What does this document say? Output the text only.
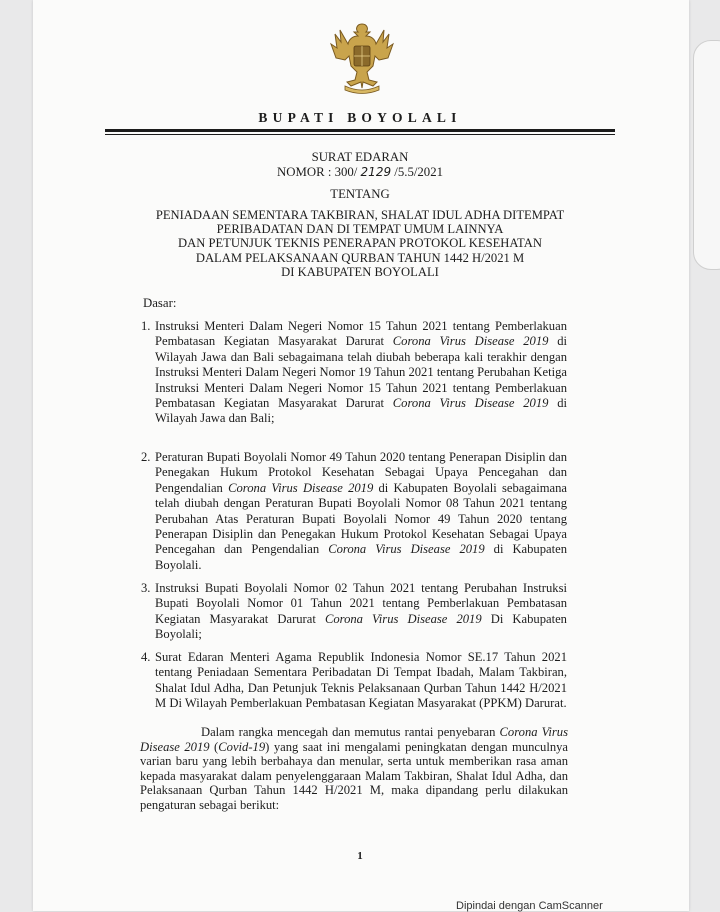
BUPATI BOYOLALI
SURAT EDARAN
NOMOR : 300/ 2129 /5.5/2021
TENTANG
PENIADAAN SEMENTARA TAKBIRAN, SHALAT IDUL ADHA DITEMPAT
PERIBADATAN DAN DI TEMPAT UMUM LAINNYA
DAN PETUNJUK TEKNIS PENERAPAN PROTOKOL KESEHATAN
DALAM PELAKSANAAN QURBAN TAHUN 1442 H/2021 M
DI KABUPATEN BOYOLALI
Dasar:
1. Instruksi Menteri Dalam Negeri Nomor 15 Tahun 2021 tentang Pemberlakuan Pembatasan Kegiatan Masyarakat Darurat Corona Virus Disease 2019 di Wilayah Jawa dan Bali sebagaimana telah diubah beberapa kali terakhir dengan Instruksi Menteri Dalam Negeri Nomor 19 Tahun 2021 tentang Perubahan Ketiga Instruksi Menteri Dalam Negeri Nomor 15 Tahun 2021 tentang Pemberlakuan Pembatasan Kegiatan Masyarakat Darurat Corona Virus Disease 2019 di Wilayah Jawa dan Bali;
2. Peraturan Bupati Boyolali Nomor 49 Tahun 2020 tentang Penerapan Disiplin dan Penegakan Hukum Protokol Kesehatan Sebagai Upaya Pencegahan dan Pengendalian Corona Virus Disease 2019 di Kabupaten Boyolali sebagaimana telah diubah dengan Peraturan Bupati Boyolali Nomor 08 Tahun 2021 tentang Perubahan Atas Peraturan Bupati Boyolali Nomor 49 Tahun 2020 tentang Penerapan Disiplin dan Penegakan Hukum Protokol Kesehatan Sebagai Upaya Pencegahan dan Pengendalian Corona Virus Disease 2019 di Kabupaten Boyolali.
3. Instruksi Bupati Boyolali Nomor 02 Tahun 2021 tentang Perubahan Instruksi Bupati Boyolali Nomor 01 Tahun 2021 tentang Pemberlakuan Pembatasan Kegiatan Masyarakat Darurat Corona Virus Disease 2019 Di Kabupaten Boyolali;
4. Surat Edaran Menteri Agama Republik Indonesia Nomor SE.17 Tahun 2021 tentang Peniadaan Sementara Peribadatan Di Tempat Ibadah, Malam Takbiran, Shalat Idul Adha, Dan Petunjuk Teknis Pelaksanaan Qurban Tahun 1442 H/2021 M Di Wilayah Pemberlakuan Pembatasan Kegiatan Masyarakat (PPKM) Darurat.
Dalam rangka mencegah dan memutus rantai penyebaran Corona Virus Disease 2019 (Covid-19) yang saat ini mengalami peningkatan dengan munculnya varian baru yang lebih berbahaya dan menular, serta untuk memberikan rasa aman kepada masyarakat dalam penyelenggaraan Malam Takbiran, Shalat Idul Adha, dan Pelaksanaan Qurban Tahun 1442 H/2021 M, maka dipandang perlu dilakukan pengaturan sebagai berikut:
1
Dipindai dengan CamScanner
